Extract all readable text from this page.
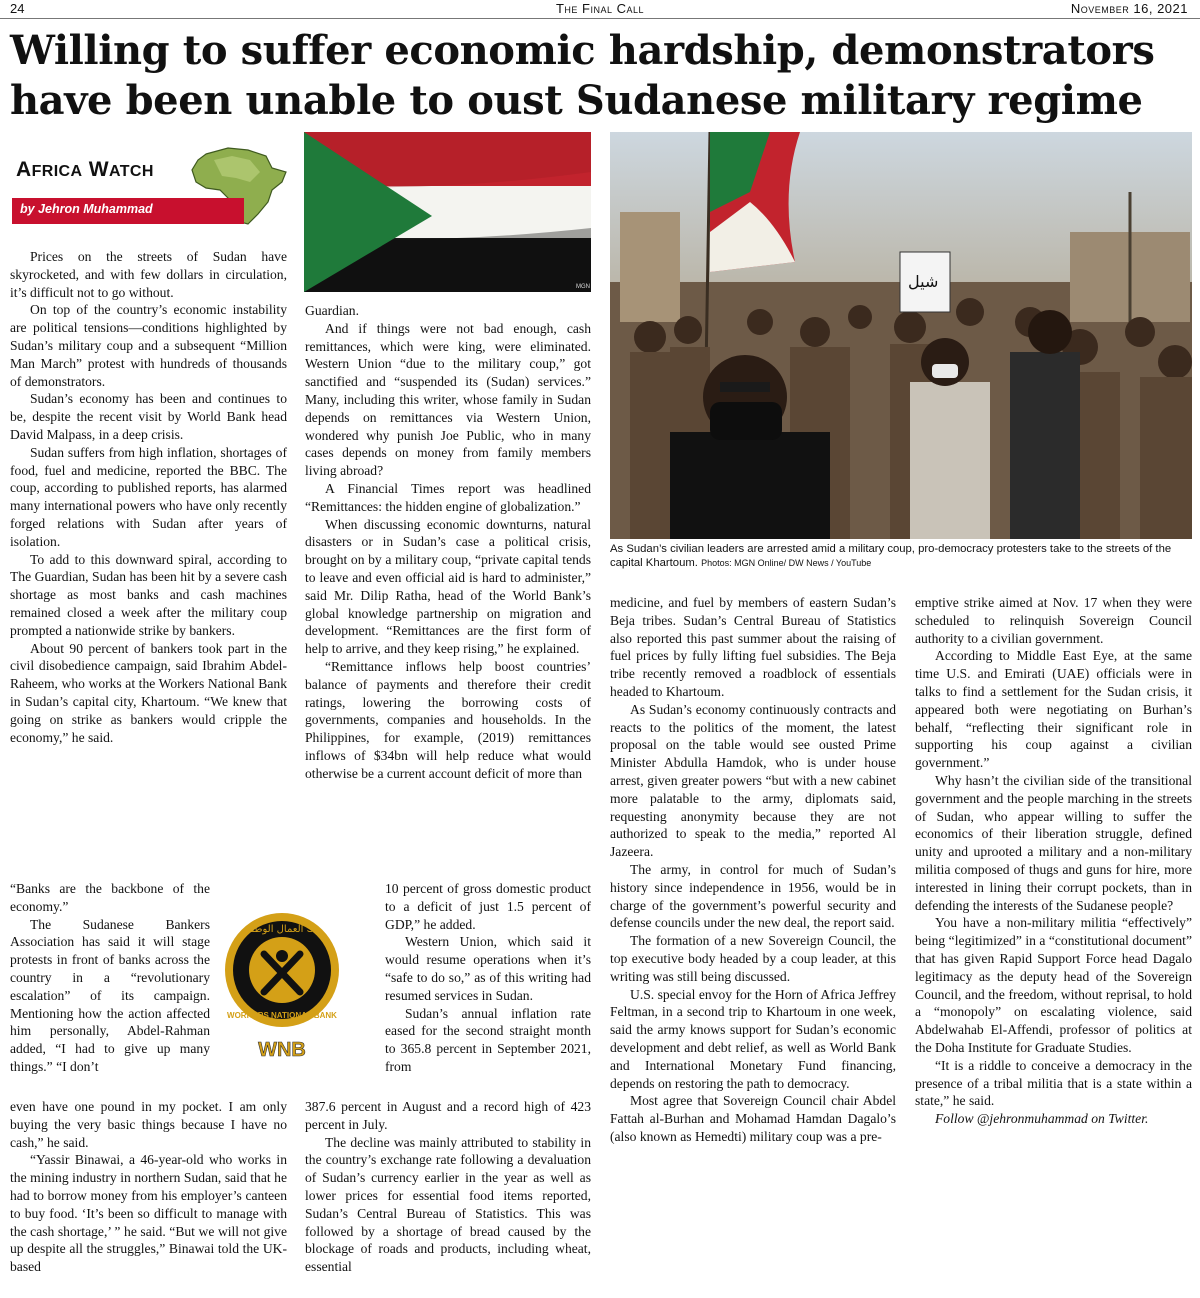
24	The Final Call	November 16, 2021
Willing to suffer economic hardship, demonstrators have been unable to oust Sudanese military regime
AFRICA WATCH
by Jehron Muhammad
MGN	شيل
As Sudan’s civilian leaders are arrested amid a military coup, pro-democracy protesters take to the streets of the capital Khartoum. Photos: MGN Online/ DW News / YouTube
بنك العمال الوطني
WORKERS NATIONAL BANK
WNB

Prices on the streets of Sudan have skyrocketed, and with few dollars in circulation, it’s difficult not to go without.

On top of the country’s economic instability are political tensions—conditions highlighted by Sudan’s military coup and a subsequent “Million Man March” protest with hundreds of thousands of demonstrators.

Sudan’s economy has been and continues to be, despite the recent visit by World Bank head David Malpass, in a deep crisis.

Sudan suffers from high inflation, shortages of food, fuel and medicine, reported the BBC. The coup, according to published reports, has alarmed many international powers who have only recently forged relations with Sudan after years of isolation.

To add to this downward spiral, according to The Guardian, Sudan has been hit by a severe cash shortage as most banks and cash machines remained closed a week after the military coup prompted a nationwide strike by bankers.

About 90 percent of bankers took part in the civil disobedience campaign, said Ibrahim Abdel-Raheem, who works at the Workers National Bank in Sudan’s capital city, Khartoum. “We knew that going on strike as bankers would cripple the economy,” he said.

“Banks are the backbone of the economy.”

The Sudanese Bankers Association has said it will stage protests in front of banks across the country in a “revolutionary escalation” of its campaign. Mentioning how the action affected him personally, Abdel-Rahman added, “I had to give up many things.” “I don’t

even have one pound in my pocket. I am only buying the very basic things because I have no cash,” he said.

“Yassir Binawai, a 46-year-old who works in the mining industry in northern Sudan, said that he had to borrow money from his employer’s canteen to buy food. ‘It’s been so difficult to manage with the cash shortage,’ ” he said. “But we will not give up despite all the struggles,” Binawai told the UK-based

Guardian.

And if things were not bad enough, cash remittances, which were king, were eliminated. Western Union “due to the military coup,” got sanctified and “suspended its (Sudan) services.” Many, including this writer, whose family in Sudan depends on remittances via Western Union, wondered why punish Joe Public, who in many cases depends on money from family members living abroad?

A Financial Times report was headlined “Remittances: the hidden engine of globalization.”

When discussing economic downturns, natural disasters or in Sudan’s case a political crisis, brought on by a military coup, “private capital tends to leave and even official aid is hard to administer,” said Mr. Dilip Ratha, head of the World Bank’s global knowledge partnership on migration and development. “Remittances are the first form of help to arrive, and they keep rising,” he explained.

“Remittance inflows help boost countries’ balance of payments and therefore their credit ratings, lowering the borrowing costs of governments, companies and households. In the Philippines, for example, (2019) remittances inflows of $34bn will help reduce what would otherwise be a current account deficit of more than

10 percent of gross domestic product to a deficit of just 1.5 percent of GDP,” he added.

Western Union, which said it would resume operations when it’s “safe to do so,” as of this writing had resumed services in Sudan.

Sudan’s annual inflation rate eased for the second straight month to 365.8 percent in September 2021, from

387.6 percent in August and a record high of 423 percent in July.

The decline was mainly attributed to stability in the country’s exchange rate following a devaluation of Sudan’s currency earlier in the year as well as lower prices for essential food items reported, Sudan’s Central Bureau of Statistics. This was followed by a shortage of bread caused by the blockage of roads and products, including wheat, essential

medicine, and fuel by members of eastern Sudan’s Beja tribes. Sudan’s Central Bureau of Statistics also reported this past summer about the raising of fuel prices by fully lifting fuel subsidies. The Beja tribe recently removed a roadblock of essentials headed to Khartoum.

As Sudan’s economy continuously contracts and reacts to the politics of the moment, the latest proposal on the table would see ousted Prime Minister Abdulla Hamdok, who is under house arrest, given greater powers “but with a new cabinet more palatable to the army, diplomats said, requesting anonymity because they are not authorized to speak to the media,” reported Al Jazeera.

The army, in control for much of Sudan’s history since independence in 1956, would be in charge of the government’s powerful security and defense councils under the new deal, the report said.

The formation of a new Sovereign Council, the top executive body headed by a coup leader, at this writing was still being discussed.

U.S. special envoy for the Horn of Africa Jeffrey Feltman, in a second trip to Khartoum in one week, said the army knows support for Sudan’s economic development and debt relief, as well as World Bank and International Monetary Fund financing, depends on restoring the path to democracy.

Most agree that Sovereign Council chair Abdel Fattah al-Burhan and Mohamad Hamdan Dagalo’s (also known as Hemedti) military coup was a pre-

emptive strike aimed at Nov. 17 when they were scheduled to relinquish Sovereign Council authority to a civilian government.

According to Middle East Eye, at the same time U.S. and Emirati (UAE) officials were in talks to find a settlement for the Sudan crisis, it appeared both were negotiating on Burhan’s behalf, “reflecting their significant role in supporting his coup against a civilian government.”

Why hasn’t the civilian side of the transitional government and the people marching in the streets of Sudan, who appear willing to suffer the economics of their liberation struggle, defined unity and uprooted a military and a non-military militia composed of thugs and guns for hire, more interested in lining their corrupt pockets, than in defending the interests of the Sudanese people?

You have a non-military militia “effectively” being “legitimized” in a “constitutional document” that has given Rapid Support Force head Dagalo legitimacy as the deputy head of the Sovereign Council, and the freedom, without reprisal, to hold a “monopoly” on escalating violence, said Abdelwahab El-Affendi, professor of politics at the Doha Institute for Graduate Studies.

“It is a riddle to conceive a democracy in the presence of a tribal militia that is a state within a state,” he said.

Follow @jehronmuhammad on Twitter.
